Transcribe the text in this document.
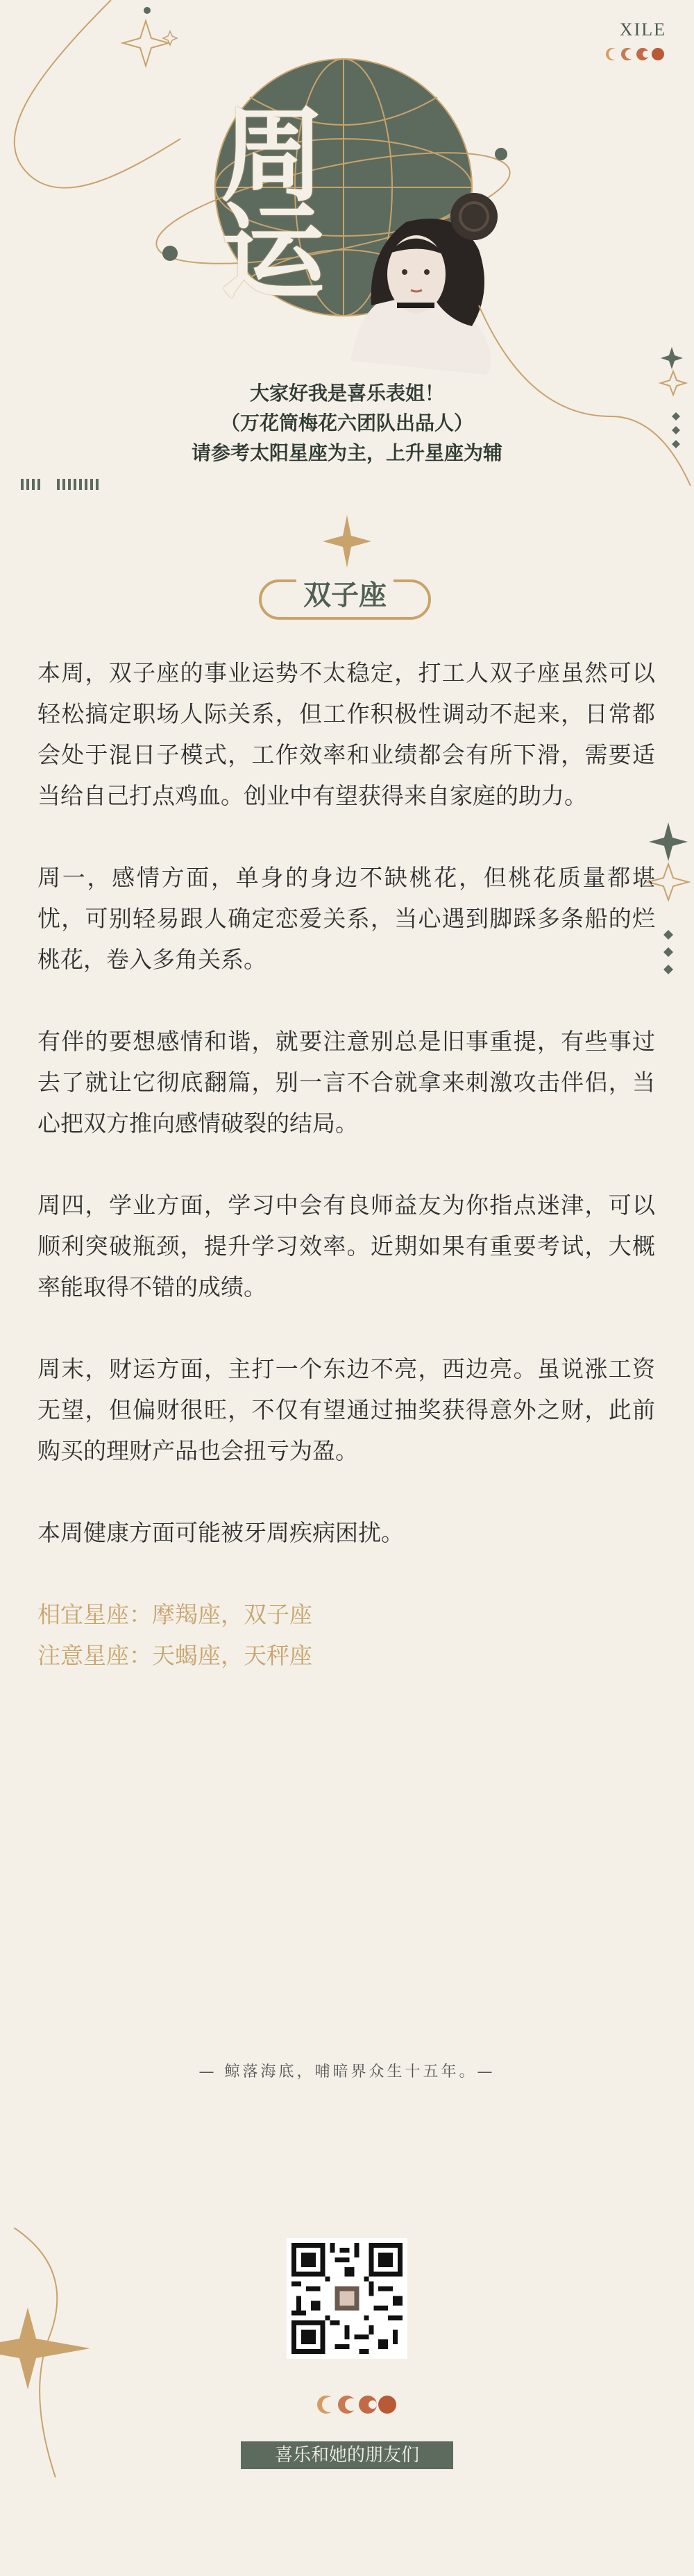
XILE
周
运
大家好我是喜乐表姐！
（万花筒梅花六团队出品人）
请参考太阳星座为主，上升星座为辅
双子座

本周，双子座的事业运势不太稳定，打工人双子座虽然可以轻松搞定职场人际关系，但工作积极性调动不起来，日常都会处于混日子模式，工作效率和业绩都会有所下滑，需要适当给自己打点鸡血。创业中有望获得来自家庭的助力。

周一，感情方面，单身的身边不缺桃花，但桃花质量都堪忧，可别轻易跟人确定恋爱关系，当心遇到脚踩多条船的烂桃花，卷入多角关系。

有伴的要想感情和谐，就要注意别总是旧事重提，有些事过去了就让它彻底翻篇，别一言不合就拿来刺激攻击伴侣，当心把双方推向感情破裂的结局。

周四，学业方面，学习中会有良师益友为你指点迷津，可以顺利突破瓶颈，提升学习效率。近期如果有重要考试，大概率能取得不错的成绩。

周末，财运方面，主打一个东边不亮，西边亮。虽说涨工资无望，但偏财很旺，不仅有望通过抽奖获得意外之财，此前购买的理财产品也会扭亏为盈。

本周健康方面可能被牙周疾病困扰。

相宜星座：摩羯座，双子座
注意星座：天蝎座，天秤座
— 鲸落海底，哺暗界众生十五年。—
喜乐和她的朋友们
